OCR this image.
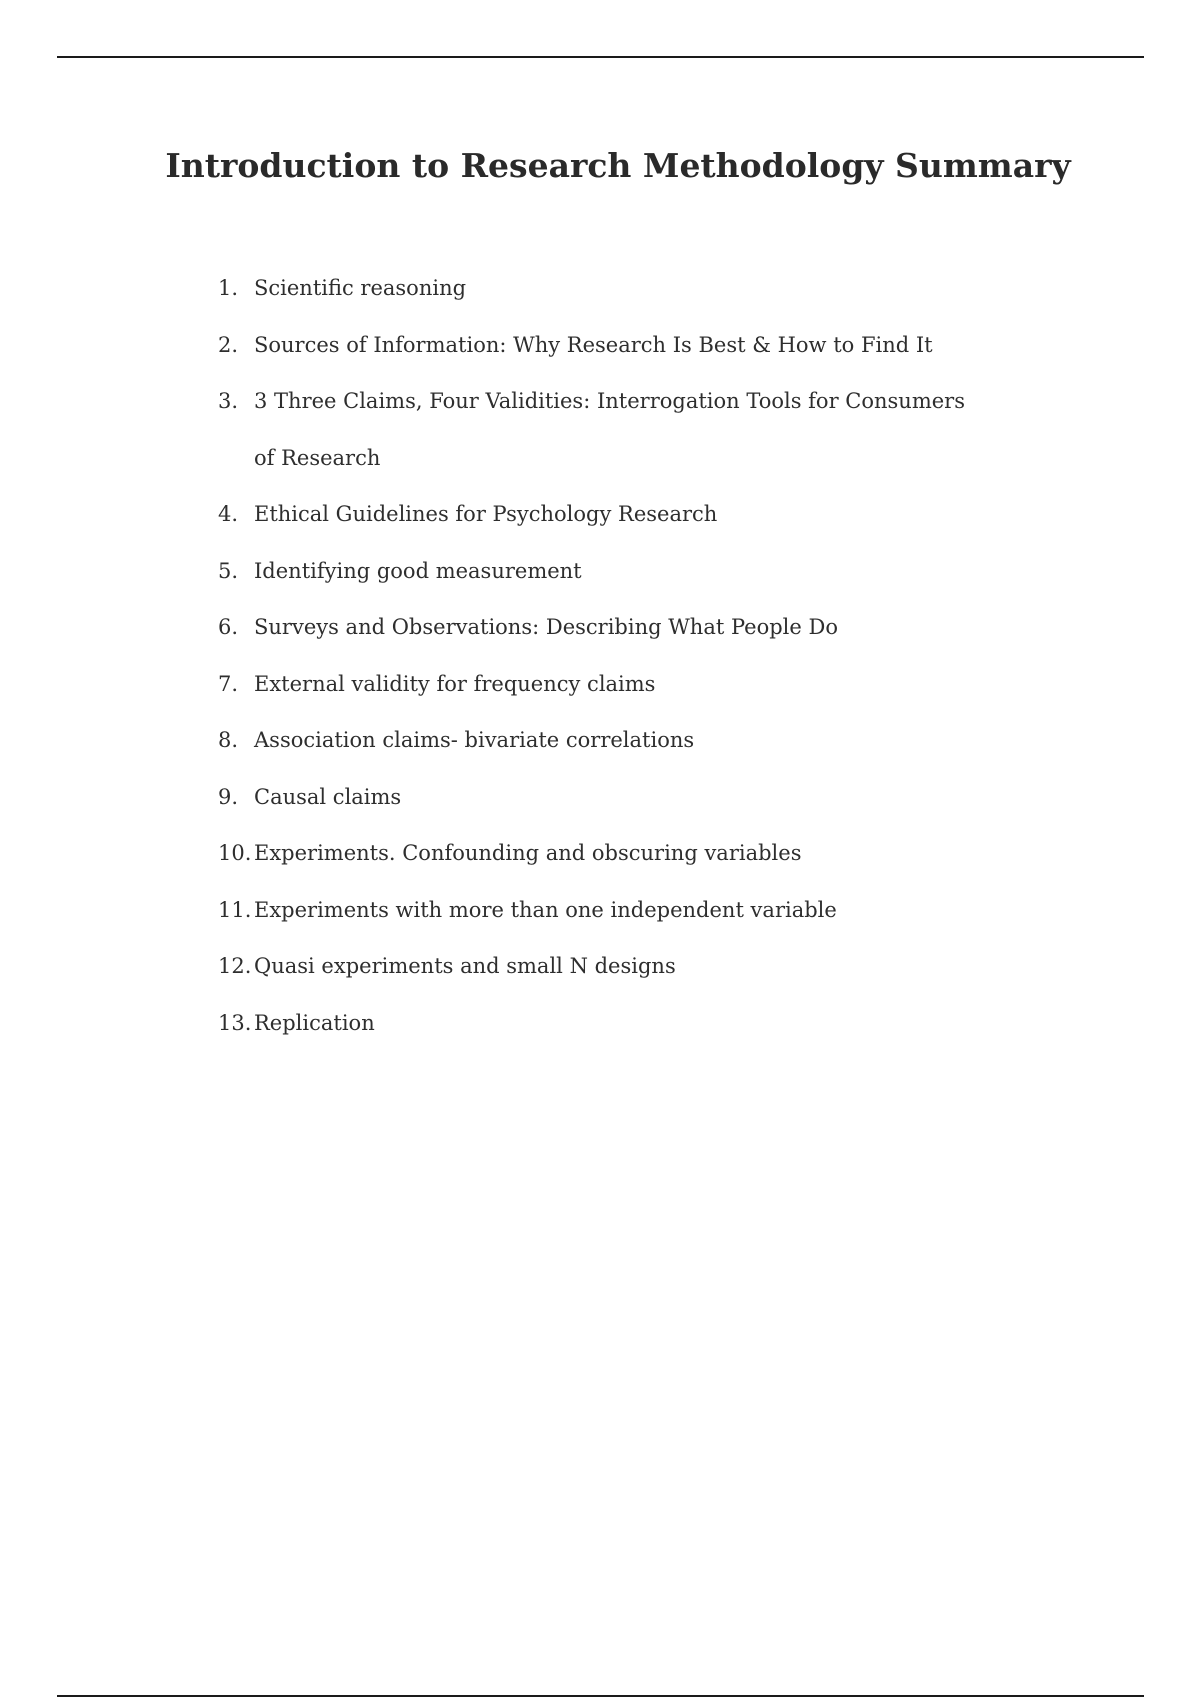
Introduction to Research Methodology Summary
1. Scientific reasoning
2. Sources of Information: Why Research Is Best & How to Find It
3. 3 Three Claims, Four Validities: Interrogation Tools for Consumers of Research
4. Ethical Guidelines for Psychology Research
5. Identifying good measurement
6. Surveys and Observations: Describing What People Do
7. External validity for frequency claims
8. Association claims- bivariate correlations
9. Causal claims
10. Experiments. Confounding and obscuring variables
11. Experiments with more than one independent variable
12. Quasi experiments and small N designs
13. Replication
